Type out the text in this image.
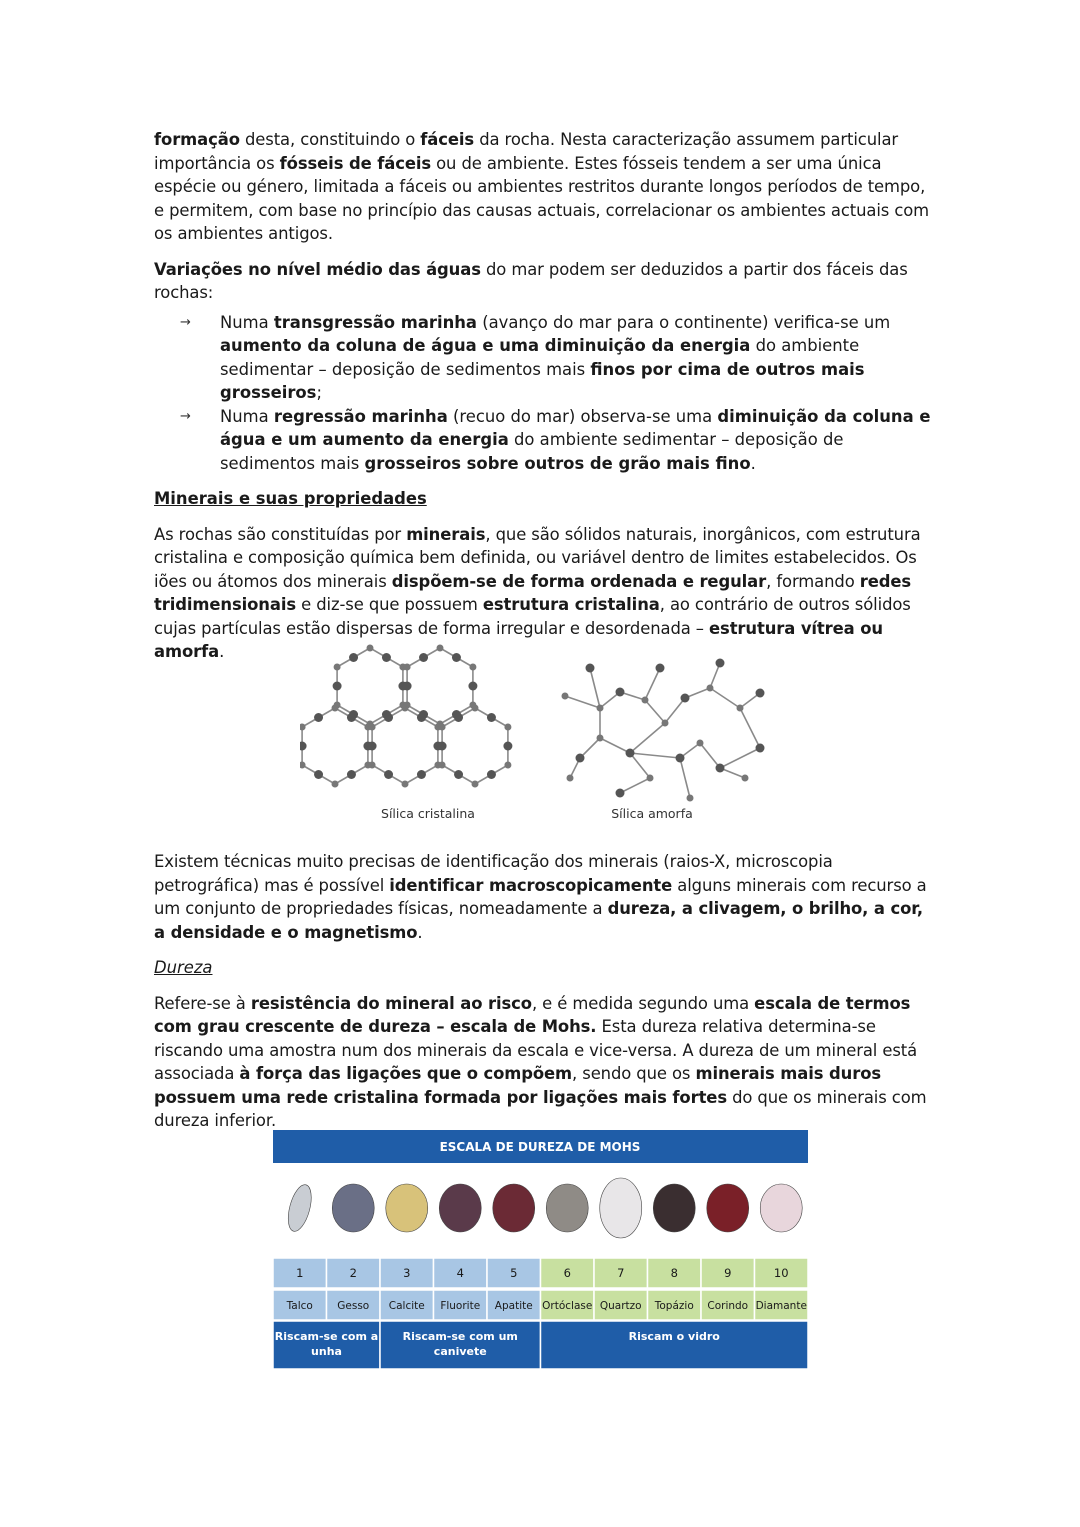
formação desta, constituindo o fáceis da rocha. Nesta caracterização assumem particular importância os fósseis de fáceis ou de ambiente. Estes fósseis tendem a ser uma única espécie ou género, limitada a fáceis ou ambientes restritos durante longos períodos de tempo, e permitem, com base no princípio das causas actuais, correlacionar os ambientes actuais com os ambientes antigos.

Variações no nível médio das águas do mar podem ser deduzidos a partir dos fáceis das rochas:

→ Numa transgressão marinha (avanço do mar para o continente) verifica-se um aumento da coluna de água e uma diminuição da energia do ambiente sedimentar – deposição de sedimentos mais finos por cima de outros mais grosseiros;
→ Numa regressão marinha (recuo do mar) observa-se uma diminuição da coluna e água e um aumento da energia do ambiente sedimentar – deposição de sedimentos mais grosseiros sobre outros de grão mais fino.
Minerais e suas propriedades

As rochas são constituídas por minerais, que são sólidos naturais, inorgânicos, com estrutura cristalina e composição química bem definida, ou variável dentro de limites estabelecidos. Os iões ou átomos dos minerais dispõem-se de forma ordenada e regular, formando redes tridimensionais e diz-se que possuem estrutura cristalina, ao contrário de outros sólidos cujas partículas estão dispersas de forma irregular e desordenada – estrutura vítrea ou amorfa.

Sílica cristalina	Sílica amorfa

Existem técnicas muito precisas de identificação dos minerais (raios-X, microscopia petrográfica) mas é possível identificar macroscopicamente alguns minerais com recurso a um conjunto de propriedades físicas, nomeadamente a dureza, a clivagem, o brilho, a cor, a densidade e o magnetismo.

Dureza

Refere-se à resistência do mineral ao risco, e é medida segundo uma escala de termos com grau crescente de dureza – escala de Mohs. Esta dureza relativa determina-se riscando uma amostra num dos minerais da escala e vice-versa. A dureza de um mineral está associada à força das ligações que o compõem, sendo que os minerais mais duros possuem uma rede cristalina formada por ligações mais fortes do que os minerais com dureza inferior.

ESCALA DE DUREZA DE MOHS
1
Talco
2
Gesso
3
Calcite
4
Fluorite
5
Apatite
6
Ortóclase
7
Quartzo
8
Topázio
9
Corindo
10
Diamante
Riscam-se com a
unha
Riscam-se com um
canivete
Riscam o vidro
